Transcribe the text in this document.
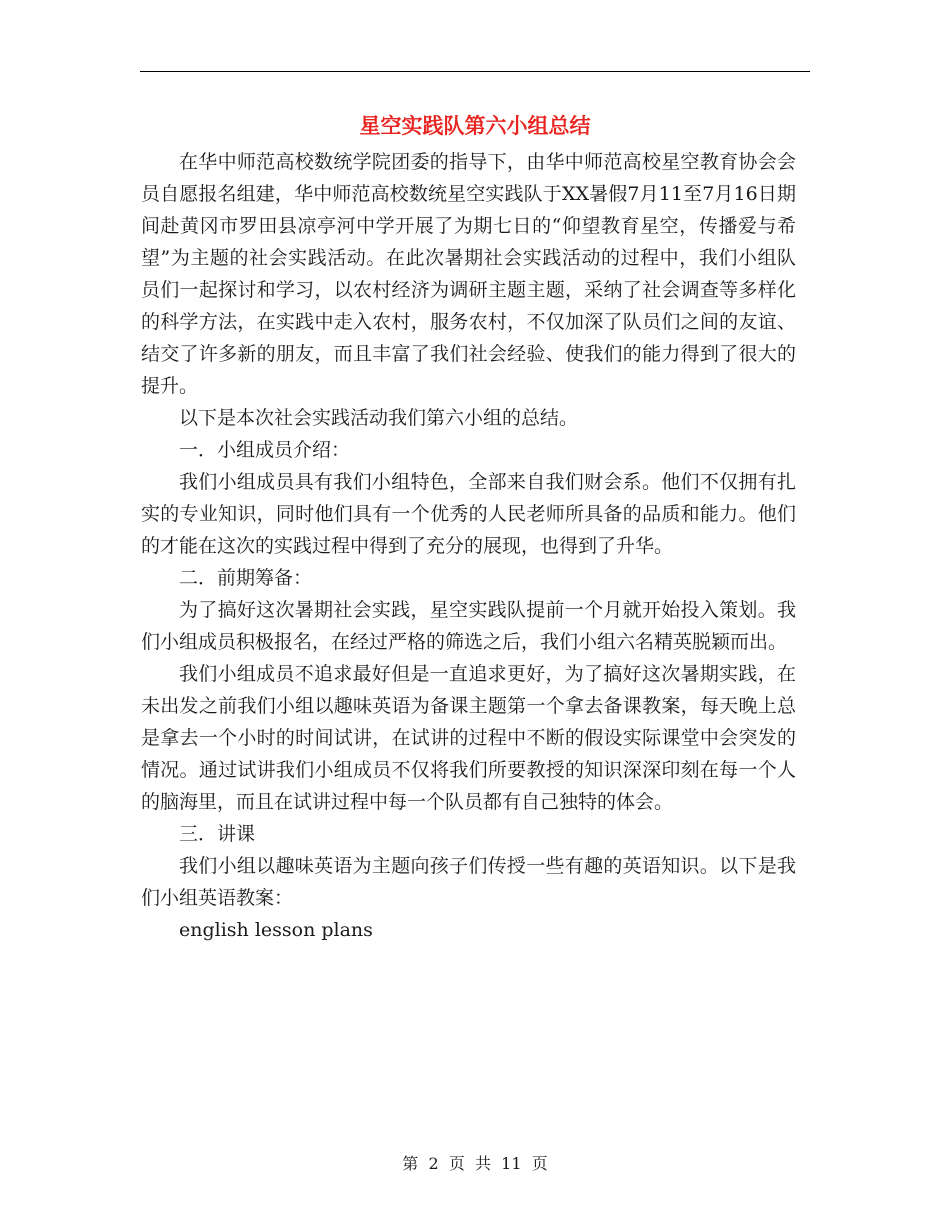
星空实践队第六小组总结

在华中师范高校数统学院团委的指导下，由华中师范高校星空教育协会会员自愿报名组建，华中师范高校数统星空实践队于XX暑假7月11至7月16日期间赴黄冈市罗田县凉亭河中学开展了为期七日的“仰望教育星空，传播爱与希望”为主题的社会实践活动。在此次暑期社会实践活动的过程中，我们小组队员们一起探讨和学习，以农村经济为调研主题主题，采纳了社会调查等多样化的科学方法，在实践中走入农村，服务农村，不仅加深了队员们之间的友谊、结交了许多新的朋友，而且丰富了我们社会经验、使我们的能力得到了很大的提升。

以下是本次社会实践活动我们第六小组的总结。

一．小组成员介绍：

我们小组成员具有我们小组特色，全部来自我们财会系。他们不仅拥有扎实的专业知识，同时他们具有一个优秀的人民老师所具备的品质和能力。他们的才能在这次的实践过程中得到了充分的展现，也得到了升华。

二．前期筹备：

为了搞好这次暑期社会实践，星空实践队提前一个月就开始投入策划。我们小组成员积极报名，在经过严格的筛选之后，我们小组六名精英脱颖而出。

我们小组成员不追求最好但是一直追求更好，为了搞好这次暑期实践，在未出发之前我们小组以趣味英语为备课主题第一个拿去备课教案，每天晚上总是拿去一个小时的时间试讲，在试讲的过程中不断的假设实际课堂中会突发的情况。通过试讲我们小组成员不仅将我们所要教授的知识深深印刻在每一个人的脑海里，而且在试讲过程中每一个队员都有自己独特的体会。

三．讲课

我们小组以趣味英语为主题向孩子们传授一些有趣的英语知识。以下是我们小组英语教案：

english lesson plans

第  2  页  共  11  页
